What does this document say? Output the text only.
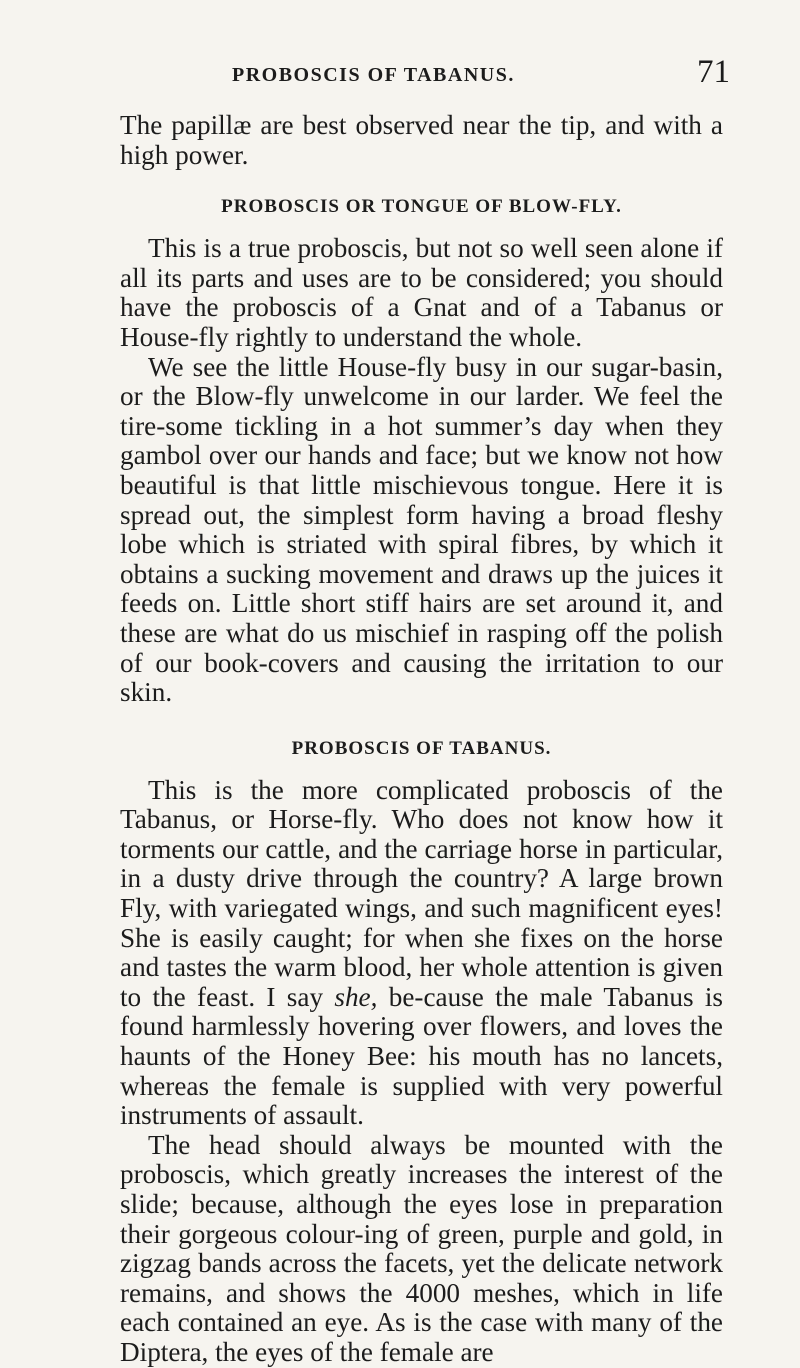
PROBOSCIS OF TABANUS.	71

The papillæ are best observed near the tip, and with a high power.

PROBOSCIS OR TONGUE OF BLOW-FLY.

This is a true proboscis, but not so well seen alone if all its parts and uses are to be considered; you should have the proboscis of a Gnat and of a Tabanus or House-fly rightly to understand the whole.

We see the little House-fly busy in our sugar-basin, or the Blow-fly unwelcome in our larder. We feel the tire-some tickling in a hot summer’s day when they gambol over our hands and face; but we know not how beautiful is that little mischievous tongue. Here it is spread out, the simplest form having a broad fleshy lobe which is striated with spiral fibres, by which it obtains a sucking movement and draws up the juices it feeds on. Little short stiff hairs are set around it, and these are what do us mischief in rasping off the polish of our book-covers and causing the irritation to our skin.

PROBOSCIS OF TABANUS.

This is the more complicated proboscis of the Tabanus, or Horse-fly. Who does not know how it torments our cattle, and the carriage horse in particular, in a dusty drive through the country? A large brown Fly, with variegated wings, and such magnificent eyes! She is easily caught; for when she fixes on the horse and tastes the warm blood, her whole attention is given to the feast. I say she, be-cause the male Tabanus is found harmlessly hovering over flowers, and loves the haunts of the Honey Bee: his mouth has no lancets, whereas the female is supplied with very powerful instruments of assault.

The head should always be mounted with the proboscis, which greatly increases the interest of the slide; because, although the eyes lose in preparation their gorgeous colour-ing of green, purple and gold, in zigzag bands across the facets, yet the delicate network remains, and shows the 4000 meshes, which in life each contained an eye. As is the case with many of the Diptera, the eyes of the female are
